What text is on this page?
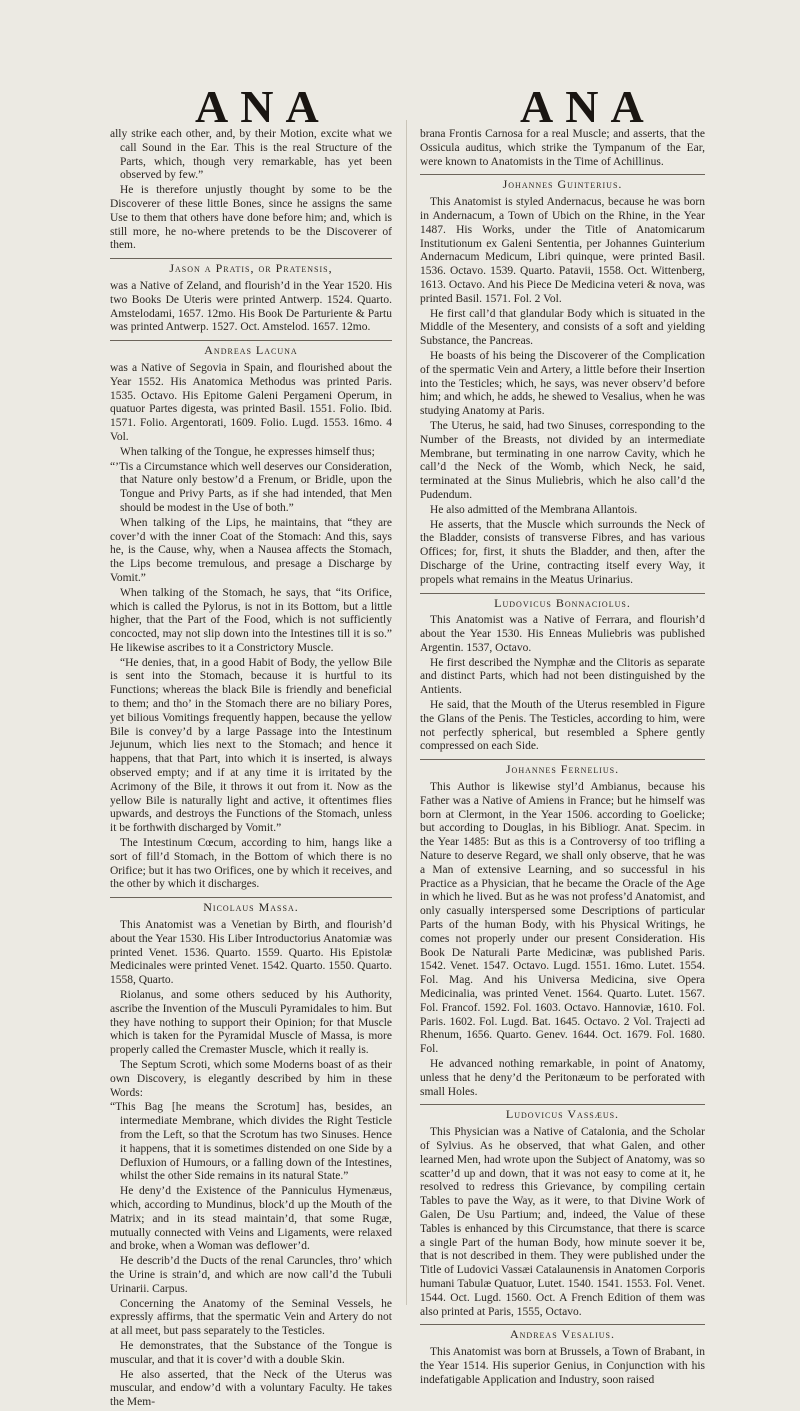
ANA	ANA

ally strike each other, and, by their Motion, excite what we call Sound in the Ear. This is the real Structure of the Parts, which, though very remarkable, has yet been observed by few.”

He is therefore unjustly thought by some to be the Discoverer of these little Bones, since he assigns the same Use to them that others have done before him; and, which is still more, he no-where pretends to be the Discoverer of them.

Jason a Pratis, or Pratensis,

was a Native of Zeland, and flourish’d in the Year 1520. His two Books De Uteris were printed Antwerp. 1524. Quarto. Amstelodami, 1657. 12mo. His Book De Parturiente & Partu was printed Antwerp. 1527. Oct. Amstelod. 1657. 12mo.

Andreas Lacuna

was a Native of Segovia in Spain, and flourished about the Year 1552. His Anatomica Methodus was printed Paris. 1535. Octavo. His Epitome Galeni Pergameni Operum, in quatuor Partes digesta, was printed Basil. 1551. Folio. Ibid. 1571. Folio. Argentorati, 1609. Folio. Lugd. 1553. 16mo. 4 Vol.

When talking of the Tongue, he expresses himself thus;

“’Tis a Circumstance which well deserves our Consideration, that Nature only bestow’d a Frenum, or Bridle, upon the Tongue and Privy Parts, as if she had intended, that Men should be modest in the Use of both.”

When talking of the Lips, he maintains, that “they are cover’d with the inner Coat of the Stomach: And this, says he, is the Cause, why, when a Nausea affects the Stomach, the Lips become tremulous, and presage a Discharge by Vomit.”

When talking of the Stomach, he says, that “its Orifice, which is called the Pylorus, is not in its Bottom, but a little higher, that the Part of the Food, which is not sufficiently concocted, may not slip down into the Intestines till it is so.” He likewise ascribes to it a Constrictory Muscle.

“He denies, that, in a good Habit of Body, the yellow Bile is sent into the Stomach, because it is hurtful to its Functions; whereas the black Bile is friendly and beneficial to them; and tho’ in the Stomach there are no biliary Pores, yet bilious Vomitings frequently happen, because the yellow Bile is convey’d by a large Passage into the Intestinum Jejunum, which lies next to the Stomach; and hence it happens, that that Part, into which it is inserted, is always observed empty; and if at any time it is irritated by the Acrimony of the Bile, it throws it out from it. Now as the yellow Bile is naturally light and active, it oftentimes flies upwards, and destroys the Functions of the Stomach, unless it be forthwith discharged by Vomit.”

The Intestinum Cœcum, according to him, hangs like a sort of fill’d Stomach, in the Bottom of which there is no Orifice; but it has two Orifices, one by which it receives, and the other by which it discharges.

Nicolaus Massa.

This Anatomist was a Venetian by Birth, and flourish’d about the Year 1530. His Liber Introductorius Anatomiæ was printed Venet. 1536. Quarto. 1559. Quarto. His Epistolæ Medicinales were printed Venet. 1542. Quarto. 1550. Quarto. 1558, Quarto.

Riolanus, and some others seduced by his Authority, ascribe the Invention of the Musculi Pyramidales to him. But they have nothing to support their Opinion; for that Muscle which is taken for the Pyramidal Muscle of Massa, is more properly called the Cremaster Muscle, which it really is.

The Septum Scroti, which some Moderns boast of as their own Discovery, is elegantly described by him in these Words:

“This Bag [he means the Scrotum] has, besides, an intermediate Membrane, which divides the Right Testicle from the Left, so that the Scrotum has two Sinuses. Hence it happens, that it is sometimes distended on one Side by a Defluxion of Humours, or a falling down of the Intestines, whilst the other Side remains in its natural State.”

He deny’d the Existence of the Panniculus Hymenæus, which, according to Mundinus, block’d up the Mouth of the Matrix; and in its stead maintain’d, that some Rugæ, mutually connected with Veins and Ligaments, were relaxed and broke, when a Woman was deflower’d.

He describ’d the Ducts of the renal Caruncles, thro’ which the Urine is strain’d, and which are now call’d the Tubuli Urinarii. Carpus.

Concerning the Anatomy of the Seminal Vessels, he expressly affirms, that the spermatic Vein and Artery do not at all meet, but pass separately to the Testicles.

He demonstrates, that the Substance of the Tongue is muscular, and that it is cover’d with a double Skin.

He also asserted, that the Neck of the Uterus was muscular, and endow’d with a voluntary Faculty. He takes the Mem-

brana Frontis Carnosa for a real Muscle; and asserts, that the Ossicula auditus, which strike the Tympanum of the Ear, were known to Anatomists in the Time of Achillinus.

Johannes Guinterius.

This Anatomist is styled Andernacus, because he was born in Andernacum, a Town of Ubich on the Rhine, in the Year 1487. His Works, under the Title of Anatomicarum Institutionum ex Galeni Sententia, per Johannes Guinterium Andernacum Medicum, Libri quinque, were printed Basil. 1536. Octavo. 1539. Quarto. Patavii, 1558. Oct. Wittenberg, 1613. Octavo. And his Piece De Medicina veteri & nova, was printed Basil. 1571. Fol. 2 Vol.

He first call’d that glandular Body which is situated in the Middle of the Mesentery, and consists of a soft and yielding Substance, the Pancreas.

He boasts of his being the Discoverer of the Complication of the spermatic Vein and Artery, a little before their Insertion into the Testicles; which, he says, was never observ’d before him; and which, he adds, he shewed to Vesalius, when he was studying Anatomy at Paris.

The Uterus, he said, had two Sinuses, corresponding to the Number of the Breasts, not divided by an intermediate Membrane, but terminating in one narrow Cavity, which he call’d the Neck of the Womb, which Neck, he said, terminated at the Sinus Muliebris, which he also call’d the Pudendum.

He also admitted of the Membrana Allantois.

He asserts, that the Muscle which surrounds the Neck of the Bladder, consists of transverse Fibres, and has various Offices; for, first, it shuts the Bladder, and then, after the Discharge of the Urine, contracting itself every Way, it propels what remains in the Meatus Urinarius.

Ludovicus Bonnaciolus.

This Anatomist was a Native of Ferrara, and flourish’d about the Year 1530. His Enneas Muliebris was published Argentin. 1537, Octavo.

He first described the Nymphæ and the Clitoris as separate and distinct Parts, which had not been distinguished by the Antients.

He said, that the Mouth of the Uterus resembled in Figure the Glans of the Penis. The Testicles, according to him, were not perfectly spherical, but resembled a Sphere gently compressed on each Side.

Johannes Fernelius.

This Author is likewise styl’d Ambianus, because his Father was a Native of Amiens in France; but he himself was born at Clermont, in the Year 1506. according to Goelicke; but according to Douglas, in his Bibliogr. Anat. Specim. in the Year 1485: But as this is a Controversy of too trifling a Nature to deserve Regard, we shall only observe, that he was a Man of extensive Learning, and so successful in his Practice as a Physician, that he became the Oracle of the Age in which he lived. But as he was not profess’d Anatomist, and only casually interspersed some Descriptions of particular Parts of the human Body, with his Physical Writings, he comes not properly under our present Consideration. His Book De Naturali Parte Medicinæ, was published Paris. 1542. Venet. 1547. Octavo. Lugd. 1551. 16mo. Lutet. 1554. Fol. Mag. And his Universa Medicina, sive Opera Medicinalia, was printed Venet. 1564. Quarto. Lutet. 1567. Fol. Francof. 1592. Fol. 1603. Octavo. Hannoviæ, 1610. Fol. Paris. 1602. Fol. Lugd. Bat. 1645. Octavo. 2 Vol. Trajecti ad Rhenum, 1656. Quarto. Genev. 1644. Oct. 1679. Fol. 1680. Fol.

He advanced nothing remarkable, in point of Anatomy, unless that he deny’d the Peritonæum to be perforated with small Holes.

Ludovicus Vassæus.

This Physician was a Native of Catalonia, and the Scholar of Sylvius. As he observed, that what Galen, and other learned Men, had wrote upon the Subject of Anatomy, was so scatter’d up and down, that it was not easy to come at it, he resolved to redress this Grievance, by compiling certain Tables to pave the Way, as it were, to that Divine Work of Galen, De Usu Partium; and, indeed, the Value of these Tables is enhanced by this Circumstance, that there is scarce a single Part of the human Body, how minute soever it be, that is not described in them. They were published under the Title of Ludovici Vassæi Catalaunensis in Anatomen Corporis humani Tabulæ Quatuor, Lutet. 1540. 1541. 1553. Fol. Venet. 1544. Oct. Lugd. 1560. Oct. A French Edition of them was also printed at Paris, 1555, Octavo.

Andreas Vesalius.

This Anatomist was born at Brussels, a Town of Brabant, in the Year 1514. His superior Genius, in Conjunction with his indefatigable Application and Industry, soon raised
